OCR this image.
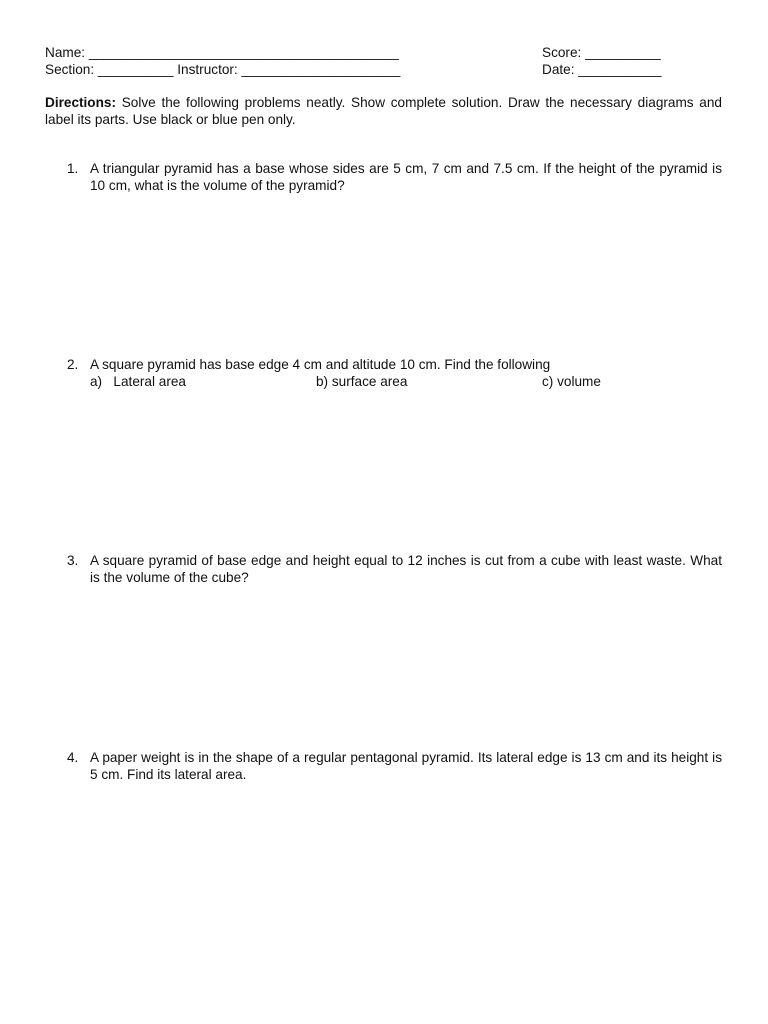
Name: _________________________________________
Section: __________ Instructor: _____________________
Score: __________
Date: ___________
Directions: Solve the following problems neatly. Show complete solution. Draw the necessary diagrams and label its parts. Use black or blue pen only.
1. A triangular pyramid has a base whose sides are 5 cm, 7 cm and 7.5 cm. If the height of the pyramid is 10 cm, what is the volume of the pyramid?
2. A square pyramid has base edge 4 cm and altitude 10 cm. Find the following
a)   Lateral area	b) surface area	c) volume
3. A square pyramid of base edge and height equal to 12 inches is cut from a cube with least waste. What is the volume of the cube?
4. A paper weight is in the shape of a regular pentagonal pyramid. Its lateral edge is 13 cm and its height is 5 cm. Find its lateral area.
